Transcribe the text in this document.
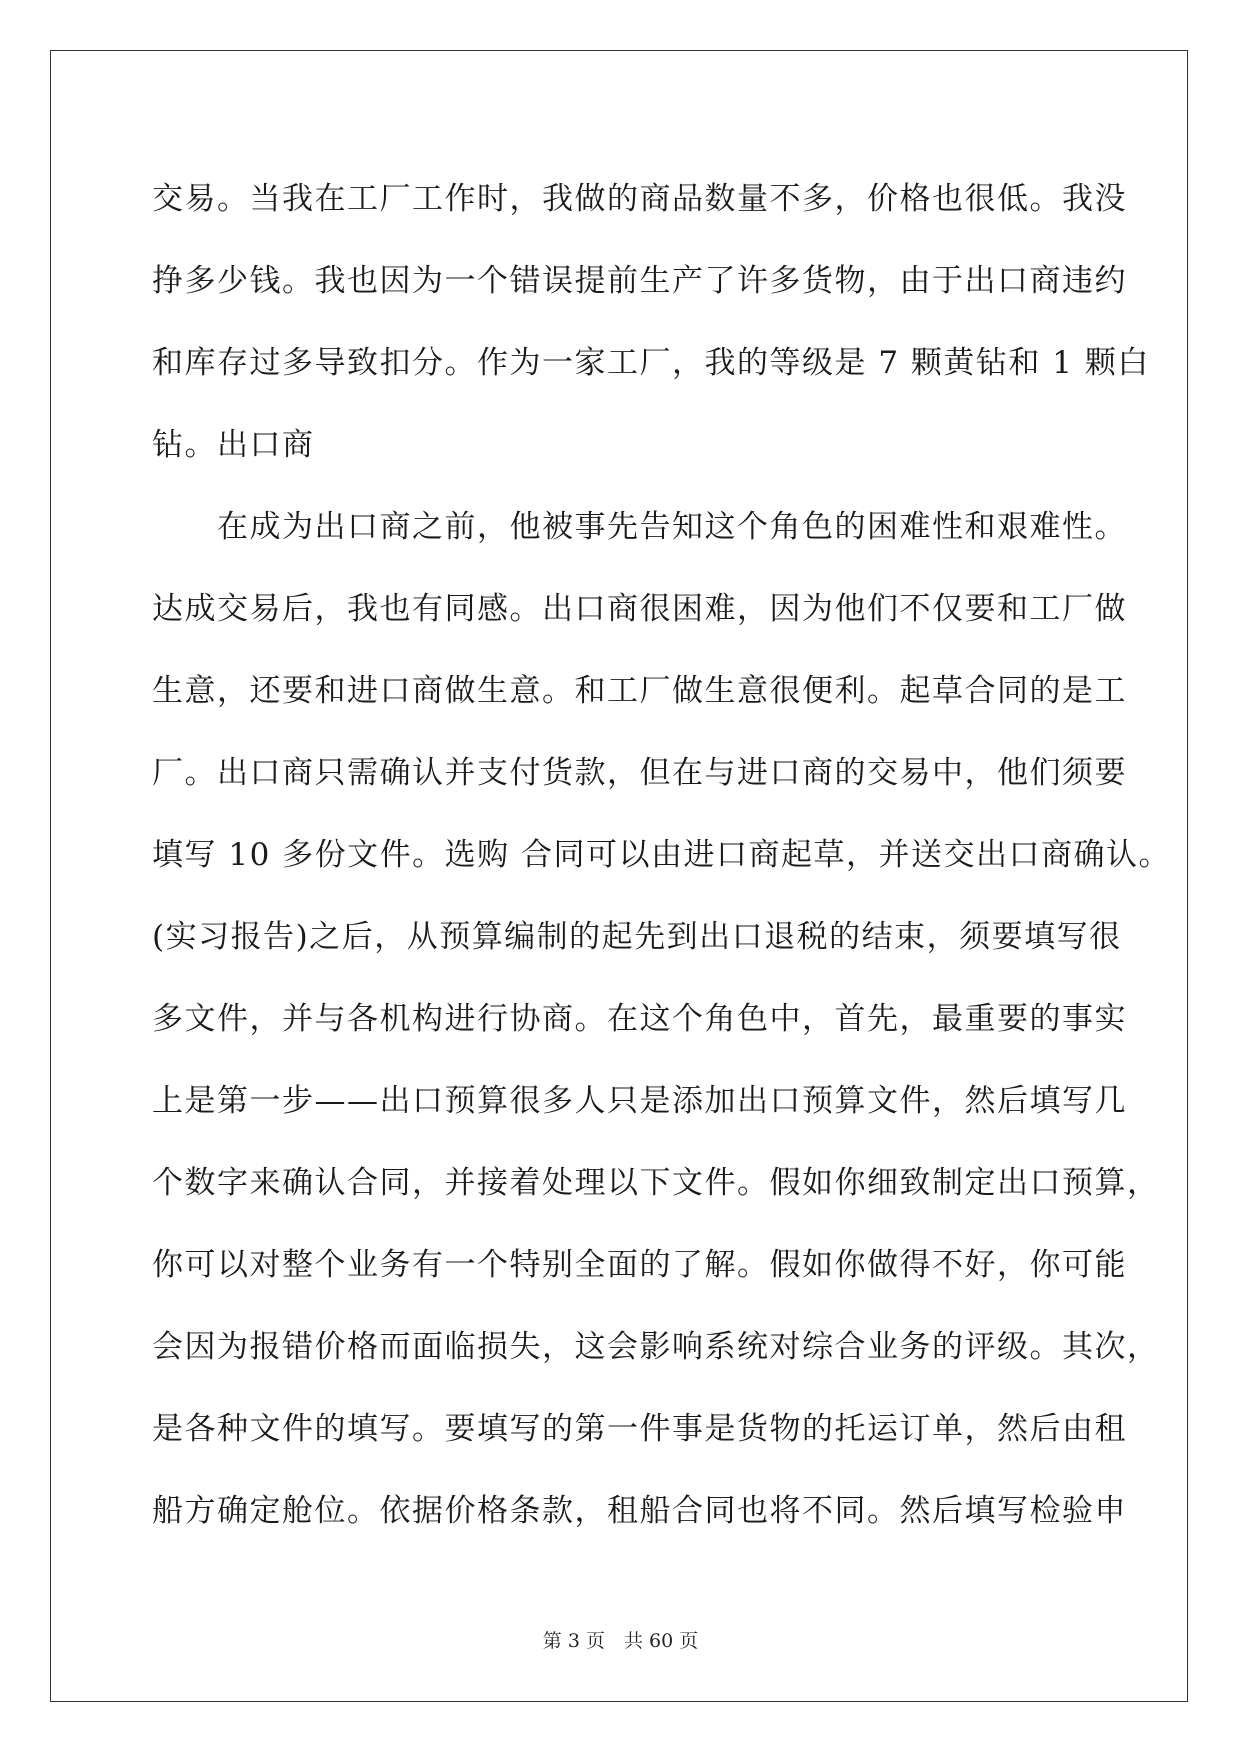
交易。当我在工厂工作时，我做的商品数量不多，价格也很低。我没
挣多少钱。我也因为一个错误提前生产了许多货物，由于出口商违约
和库存过多导致扣分。作为一家工厂，我的等级是 7 颗黄钻和 1 颗白
钻。出口商
　　在成为出口商之前，他被事先告知这个角色的困难性和艰难性。
达成交易后，我也有同感。出口商很困难，因为他们不仅要和工厂做
生意，还要和进口商做生意。和工厂做生意很便利。起草合同的是工
厂。出口商只需确认并支付货款，但在与进口商的交易中，他们须要
填写 10 多份文件。选购 合同可以由进口商起草，并送交出口商确认。
(实习报告)之后，从预算编制的起先到出口退税的结束，须要填写很
多文件，并与各机构进行协商。在这个角色中，首先，最重要的事实
上是第一步——出口预算很多人只是添加出口预算文件，然后填写几
个数字来确认合同，并接着处理以下文件。假如你细致制定出口预算，
你可以对整个业务有一个特别全面的了解。假如你做得不好，你可能
会因为报错价格而面临损失，这会影响系统对综合业务的评级。其次，
是各种文件的填写。要填写的第一件事是货物的托运订单，然后由租
船方确定舱位。依据价格条款，租船合同也将不同。然后填写检验申
第 3 页　共 60 页
